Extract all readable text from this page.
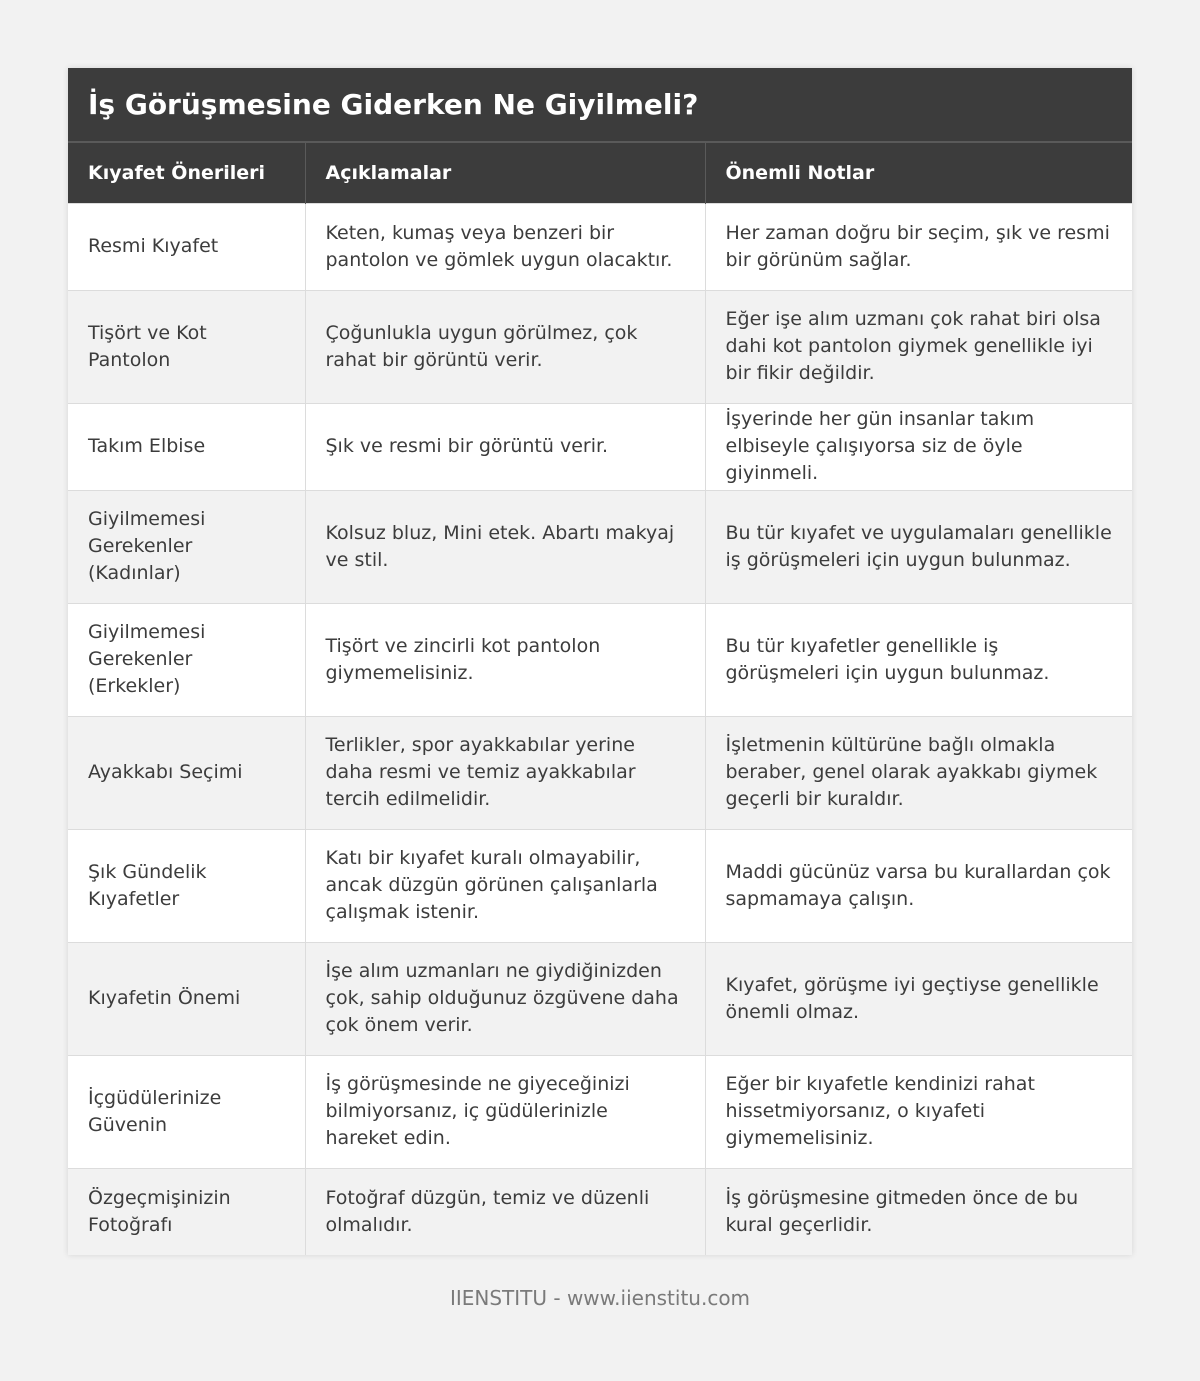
İş Görüşmesine Giderken Ne Giyilmeli?
Kıyafet Önerileri	Açıklamalar	Önemli Notlar
Resmi Kıyafet	Keten, kumaş veya benzeri bir pantolon ve gömlek uygun olacaktır.	Her zaman doğru bir seçim, şık ve resmi bir görünüm sağlar.
Tişört ve Kot Pantolon	Çoğunlukla uygun görülmez, çok rahat bir görüntü verir.	Eğer işe alım uzmanı çok rahat biri olsa dahi kot pantolon giymek genellikle iyi bir fikir değildir.
Takım Elbise	Şık ve resmi bir görüntü verir.	İşyerinde her gün insanlar takım elbiseyle çalışıyorsa siz de öyle giyinmeli.
Giyilmemesi Gerekenler (Kadınlar)	Kolsuz bluz, Mini etek. Abartı makyaj ve stil.	Bu tür kıyafet ve uygulamaları genellikle iş görüşmeleri için uygun bulunmaz.
Giyilmemesi Gerekenler (Erkekler)	Tişört ve zincirli kot pantolon giymemelisiniz.	Bu tür kıyafetler genellikle iş görüşmeleri için uygun bulunmaz.
Ayakkabı Seçimi	Terlikler, spor ayakkabılar yerine daha resmi ve temiz ayakkabılar tercih edilmelidir.	İşletmenin kültürüne bağlı olmakla beraber, genel olarak ayakkabı giymek geçerli bir kuraldır.
Şık Gündelik Kıyafetler	Katı bir kıyafet kuralı olmayabilir, ancak düzgün görünen çalışanlarla çalışmak istenir.	Maddi gücünüz varsa bu kurallardan çok sapmamaya çalışın.
Kıyafetin Önemi	İşe alım uzmanları ne giydiğinizden çok, sahip olduğunuz özgüvene daha çok önem verir.	Kıyafet, görüşme iyi geçtiyse genellikle önemli olmaz.
İçgüdülerinize Güvenin	İş görüşmesinde ne giyeceğinizi bilmiyorsanız, iç güdülerinizle hareket edin.	Eğer bir kıyafetle kendinizi rahat hissetmiyorsanız, o kıyafeti giymemelisiniz.
Özgeçmişinizin Fotoğrafı	Fotoğraf düzgün, temiz ve düzenli olmalıdır.	İş görüşmesine gitmeden önce de bu kural geçerlidir.
IIENSTITU - www.iienstitu.com
